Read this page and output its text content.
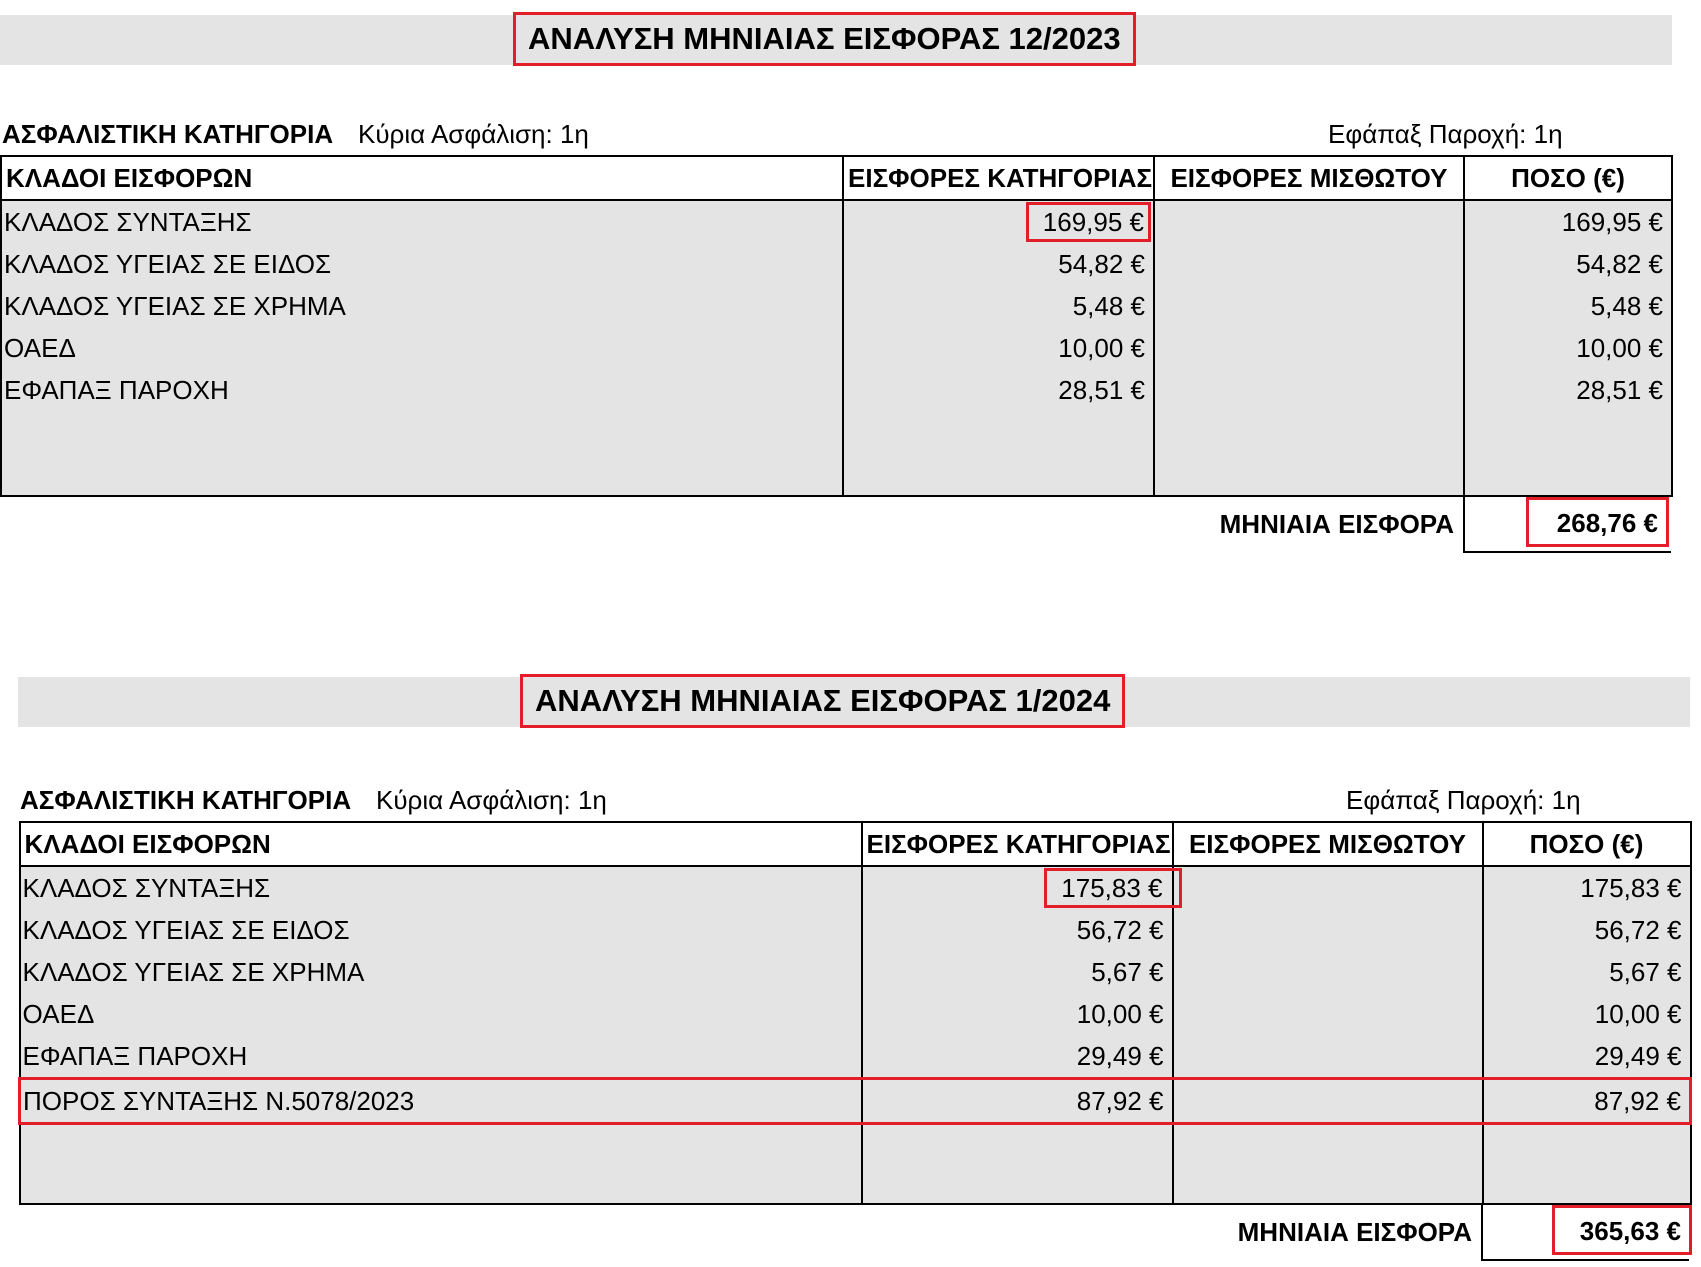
ΑΝΑΛΥΣΗ ΜΗΝΙΑΙΑΣ ΕΙΣΦΟΡΑΣ 12/2023
ΑΣΦΑΛΙΣΤΙΚΗ ΚΑΤΗΓΟΡΙΑ Κύρια Ασφάλιση: 1η	Εφάπαξ Παροχή: 1η
ΚΛΑΔΟΙ ΕΙΣΦΟΡΩΝ	ΕΙΣΦΟΡΕΣ ΚΑΤΗΓΟΡΙΑΣ	ΕΙΣΦΟΡΕΣ ΜΙΣΘΩΤΟΥ	ΠΟΣΟ (€)
ΚΛΑΔΟΣ ΣΥΝΤΑΞΗΣ	169,95 €		169,95 €
ΚΛΑΔΟΣ ΥΓΕΙΑΣ ΣΕ ΕΙΔΟΣ	54,82 €		54,82 €
ΚΛΑΔΟΣ ΥΓΕΙΑΣ ΣΕ ΧΡΗΜΑ	5,48 €		5,48 €
ΟΑΕΔ	10,00 €		10,00 €
ΕΦΑΠΑΞ ΠΑΡΟΧΗ	28,51 €		28,51 €

ΜΗΝΙΑΙΑ ΕΙΣΦΟΡΑ	268,76 €
ΑΝΑΛΥΣΗ ΜΗΝΙΑΙΑΣ ΕΙΣΦΟΡΑΣ 1/2024
ΑΣΦΑΛΙΣΤΙΚΗ ΚΑΤΗΓΟΡΙΑ Κύρια Ασφάλιση: 1η	Εφάπαξ Παροχή: 1η
ΚΛΑΔΟΙ ΕΙΣΦΟΡΩΝ	ΕΙΣΦΟΡΕΣ ΚΑΤΗΓΟΡΙΑΣ	ΕΙΣΦΟΡΕΣ ΜΙΣΘΩΤΟΥ	ΠΟΣΟ (€)
ΚΛΑΔΟΣ ΣΥΝΤΑΞΗΣ	175,83 €		175,83 €
ΚΛΑΔΟΣ ΥΓΕΙΑΣ ΣΕ ΕΙΔΟΣ	56,72 €		56,72 €
ΚΛΑΔΟΣ ΥΓΕΙΑΣ ΣΕ ΧΡΗΜΑ	5,67 €		5,67 €
ΟΑΕΔ	10,00 €		10,00 €
ΕΦΑΠΑΞ ΠΑΡΟΧΗ	29,49 €		29,49 €
ΠΟΡΟΣ ΣΥΝΤΑΞΗΣ Ν.5078/2023	87,92 €		87,92 €

ΜΗΝΙΑΙΑ ΕΙΣΦΟΡΑ	365,63 €
